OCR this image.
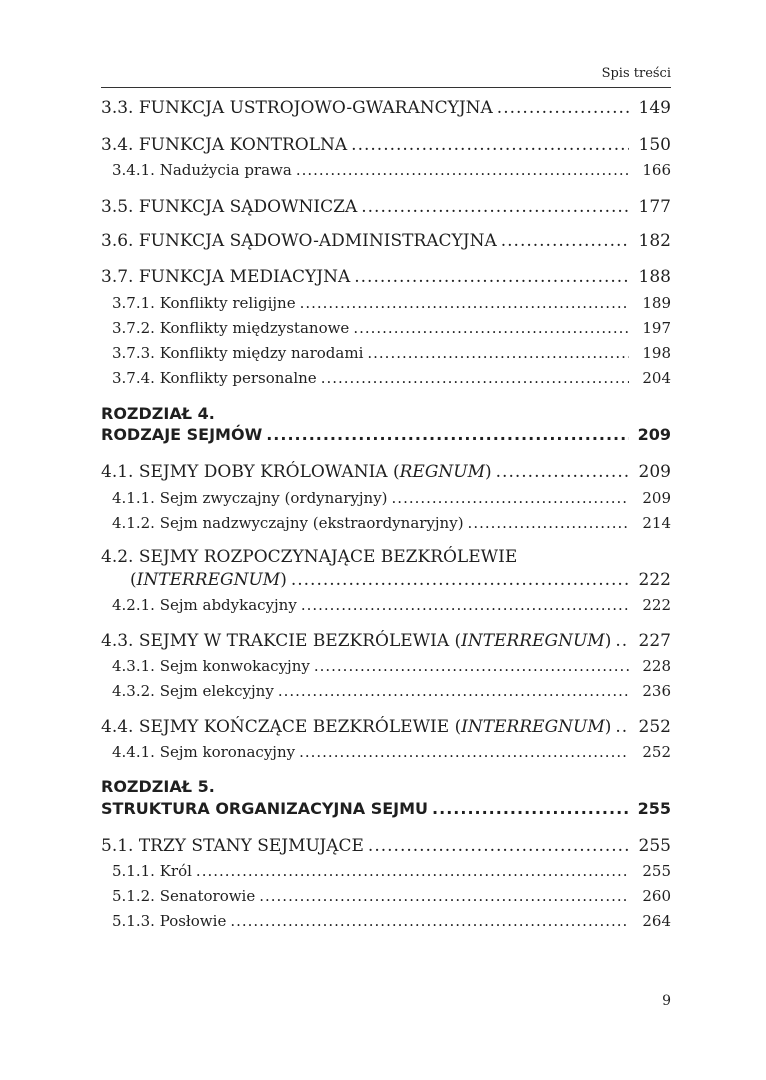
Spis treści
3.3. FUNKCJA USTROJOWO-GWARANCYJNA .....	149
3.4. FUNKCJA KONTROLNA .....	150
3.4.1. Nadużycia prawa .....	166
3.5. FUNKCJA SĄDOWNICZA .....	177
3.6. FUNKCJA SĄDOWO-ADMINISTRACYJNA .....	182
3.7. FUNKCJA MEDIACYJNA .....	188
3.7.1. Konflikty religijne .....	189
3.7.2. Konflikty międzystanowe .....	197
3.7.3. Konflikty między narodami .....	198
3.7.4. Konflikty personalne .....	204
ROZDZIAŁ 4.
RODZAJE SEJMÓW .....	209
4.1. SEJMY DOBY KRÓLOWANIA (REGNUM) .....	209
4.1.1. Sejm zwyczajny (ordynaryjny) .....	209
4.1.2. Sejm nadzwyczajny (ekstraordynaryjny) .....	214
4.2. SEJMY ROZPOCZYNAJĄCE BEZKRÓLEWIE
(INTERREGNUM) .....	222
4.2.1. Sejm abdykacyjny .....	222
4.3. SEJMY W TRAKCIE BEZKRÓLEWIA (INTERREGNUM) .....	227
4.3.1. Sejm konwokacyjny .....	228
4.3.2. Sejm elekcyjny .....	236
4.4. SEJMY KOŃCZĄCE BEZKRÓLEWIE (INTERREGNUM) .....	252
4.4.1. Sejm koronacyjny .....	252
ROZDZIAŁ 5.
STRUKTURA ORGANIZACYJNA SEJMU .....	255
5.1. TRZY STANY SEJMUJĄCE .....	255
5.1.1. Król .....	255
5.1.2. Senatorowie .....	260
5.1.3. Posłowie .....	264
9
